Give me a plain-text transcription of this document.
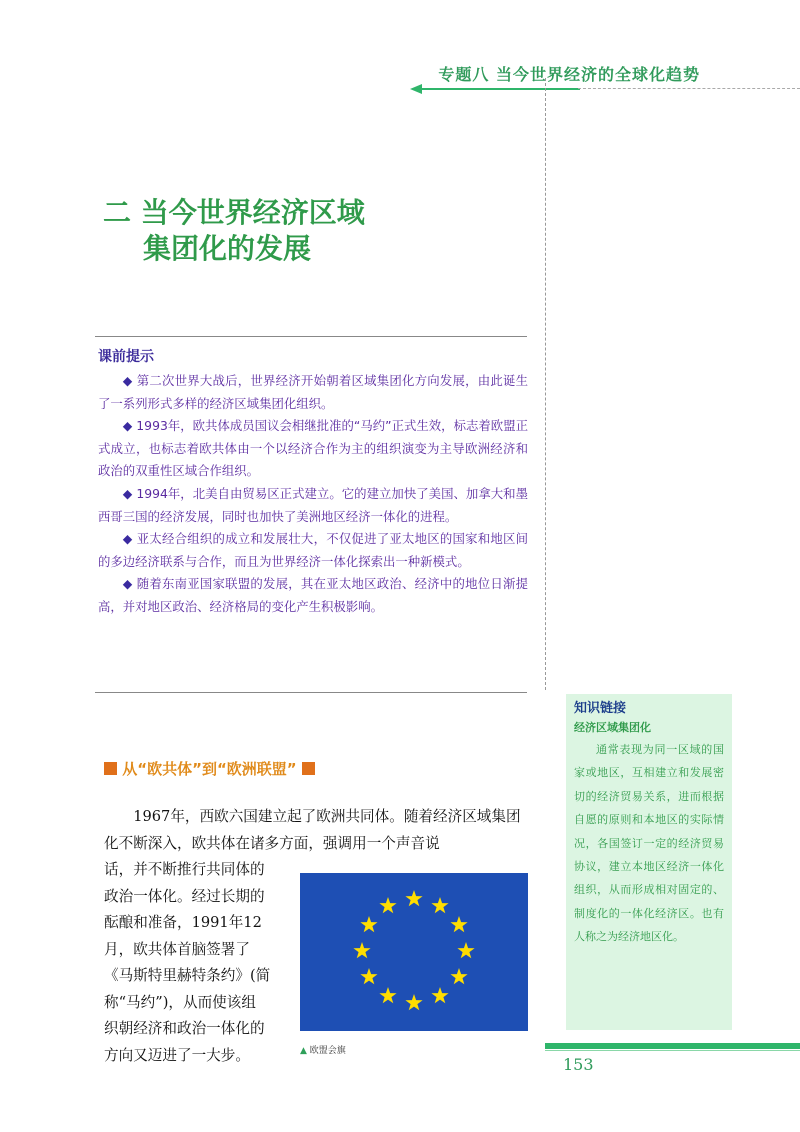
专题八 当今世界经济的全球化趋势
二 当今世界经济区域
集团化的发展
课前提示

◆ 第二次世界大战后，世界经济开始朝着区域集团化方向发展，由此诞生了一系列形式多样的经济区域集团化组织。

◆ 1993年，欧共体成员国议会相继批准的“马约”正式生效，标志着欧盟正式成立，也标志着欧共体由一个以经济合作为主的组织演变为主导欧洲经济和政治的双重性区域合作组织。

◆ 1994年，北美自由贸易区正式建立。它的建立加快了美国、加拿大和墨西哥三国的经济发展，同时也加快了美洲地区经济一体化的进程。

◆ 亚太经合组织的成立和发展壮大，不仅促进了亚太地区的国家和地区间的多边经济联系与合作，而且为世界经济一体化探索出一种新模式。

◆ 随着东南亚国家联盟的发展，其在亚太地区政治、经济中的地位日渐提高，并对地区政治、经济格局的变化产生积极影响。

从“欧共体”到“欧洲联盟”

1967年，西欧六国建立起了欧洲共同体。随着经济区域集团化不断深入，欧共体在诸多方面，强调用一个声音说

话，并不断推行共同体的

政治一体化。经过长期的

酝酿和准备，1991年12

月，欧共体首脑签署了

《马斯特里赫特条约》(简

称“马约”)，从而使该组

织朝经济和政治一体化的

方向又迈进了一大步。	▲ 欧盟会旗
知识链接
经济区域集团化

通常表现为同一区域的国家或地区，互相建立和发展密切的经济贸易关系，进而根据自愿的原则和本地区的实际情况，各国签订一定的经济贸易协议，建立本地区经济一体化组织，从而形成相对固定的、制度化的一体化经济区。也有人称之为经济地区化。

153
